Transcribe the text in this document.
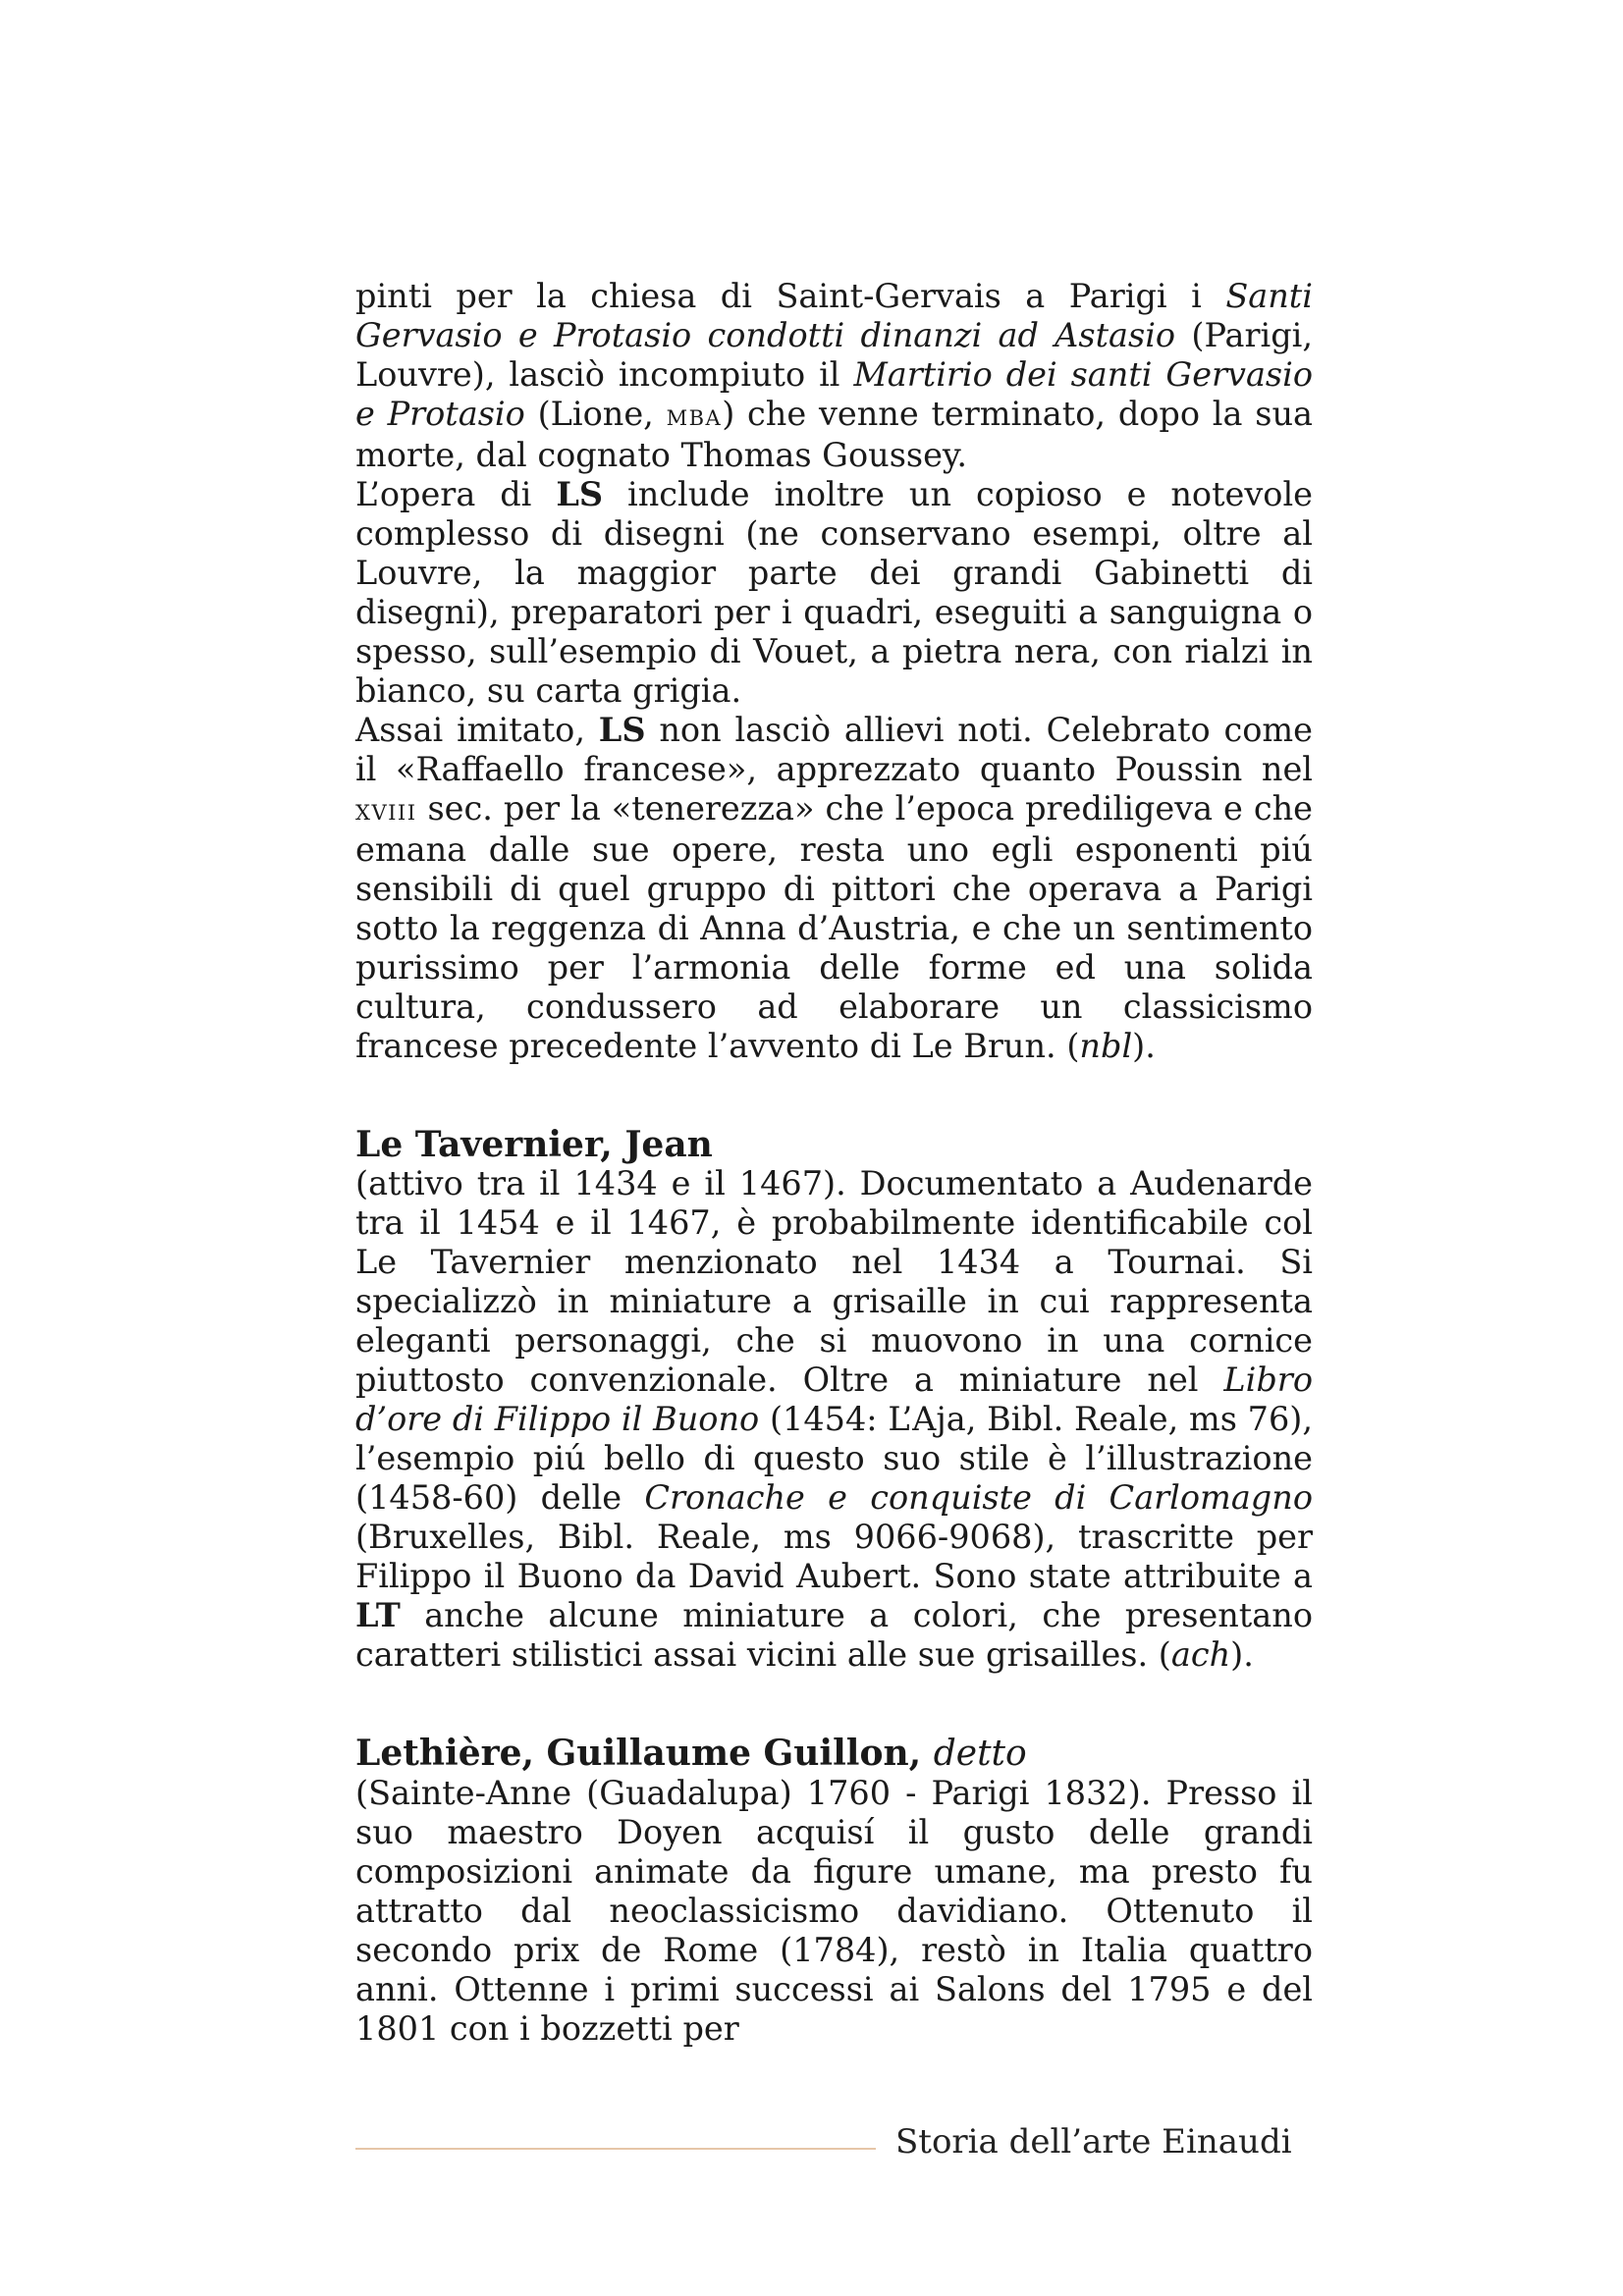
pinti per la chiesa di Saint-Gervais a Parigi i Santi Gervasio e Protasio condotti dinanzi ad Astasio (Parigi, Louvre), lasciò incompiuto il Martirio dei santi Gervasio e Protasio (Lione, mba) che venne terminato, dopo la sua morte, dal cognato Thomas Goussey.

L’opera di LS include inoltre un copioso e notevole complesso di disegni (ne conservano esempi, oltre al Louvre, la maggior parte dei grandi Gabinetti di disegni), preparatori per i quadri, eseguiti a sanguigna o spesso, sull’esempio di Vouet, a pietra nera, con rialzi in bianco, su carta grigia.

Assai imitato, LS non lasciò allievi noti. Celebrato come il «Raffaello francese», apprezzato quanto Poussin nel xviii sec. per la «tenerezza» che l’epoca prediligeva e che emana dalle sue opere, resta uno egli esponenti piú sensibili di quel gruppo di pittori che operava a Parigi sotto la reggenza di Anna d’Austria, e che un sentimento purissimo per l’armonia delle forme ed una solida cultura, condussero ad elaborare un classicismo francese precedente l’avvento di Le Brun. (nbl).

Le Tavernier, Jean

(attivo tra il 1434 e il 1467). Documentato a Audenarde tra il 1454 e il 1467, è probabilmente identificabile col Le Tavernier menzionato nel 1434 a Tournai. Si specializzò in miniature a grisaille in cui rappresenta eleganti personaggi, che si muovono in una cornice piuttosto convenzionale. Oltre a miniature nel Libro d’ore di Filippo il Buono (1454: L’Aja, Bibl. Reale, ms 76), l’esempio piú bello di questo suo stile è l’illustrazione (1458-60) delle Cronache e conquiste di Carlomagno (Bruxelles, Bibl. Reale, ms 9066-9068), trascritte per Filippo il Buono da David Aubert. Sono state attribuite a LT anche alcune miniature a colori, che presentano caratteri stilistici assai vicini alle sue grisailles. (ach).

Lethière, Guillaume Guillon, detto

(Sainte-Anne (Guadalupa) 1760 - Parigi 1832). Presso il suo maestro Doyen acquisí il gusto delle grandi composizioni animate da figure umane, ma presto fu attratto dal neoclassicismo davidiano. Ottenuto il secondo prix de Rome (1784), restò in Italia quattro anni. Ottenne i primi successi ai Salons del 1795 e del 1801 con i bozzetti per

Storia dell’arte Einaudi
